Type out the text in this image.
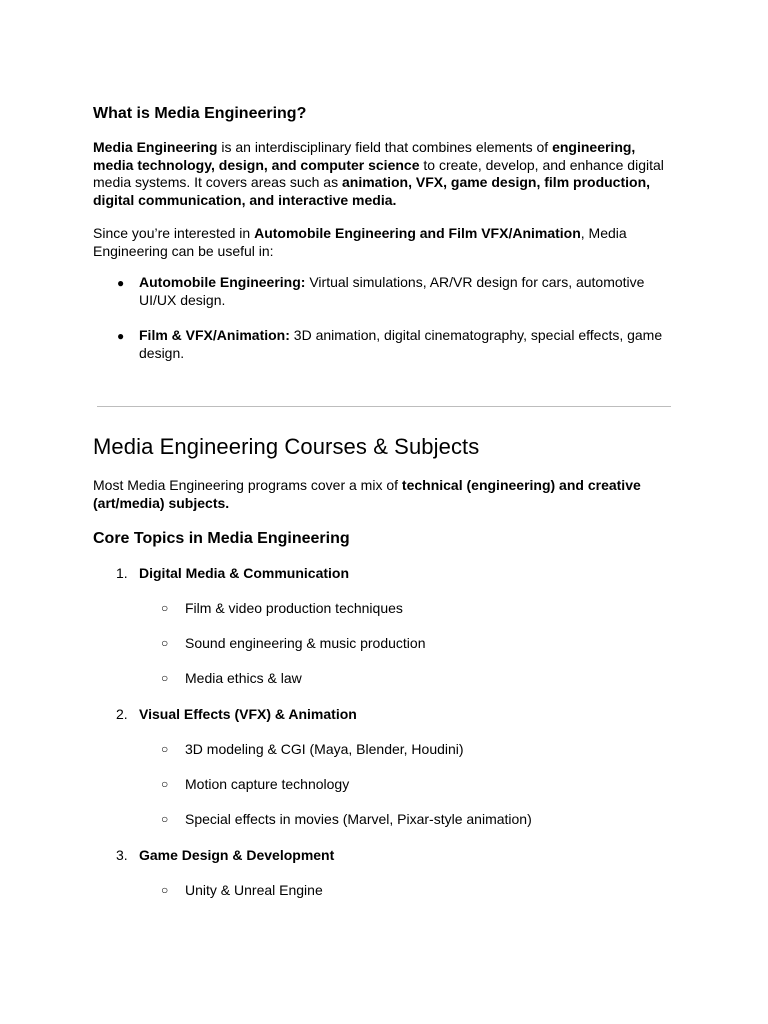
What is Media Engineering?
Media Engineering is an interdisciplinary field that combines elements of engineering, media technology, design, and computer science to create, develop, and enhance digital media systems. It covers areas such as animation, VFX, game design, film production, digital communication, and interactive media.
Since you’re interested in Automobile Engineering and Film VFX/Animation, Media Engineering can be useful in:
● Automobile Engineering: Virtual simulations, AR/VR design for cars, automotive UI/UX design.
● Film & VFX/Animation: 3D animation, digital cinematography, special effects, game design.
Media Engineering Courses & Subjects
Most Media Engineering programs cover a mix of technical (engineering) and creative (art/media) subjects.
Core Topics in Media Engineering
1. Digital Media & Communication
○ Film & video production techniques
○ Sound engineering & music production
○ Media ethics & law
2. Visual Effects (VFX) & Animation
○ 3D modeling & CGI (Maya, Blender, Houdini)
○ Motion capture technology
○ Special effects in movies (Marvel, Pixar-style animation)
3. Game Design & Development
○ Unity & Unreal Engine
